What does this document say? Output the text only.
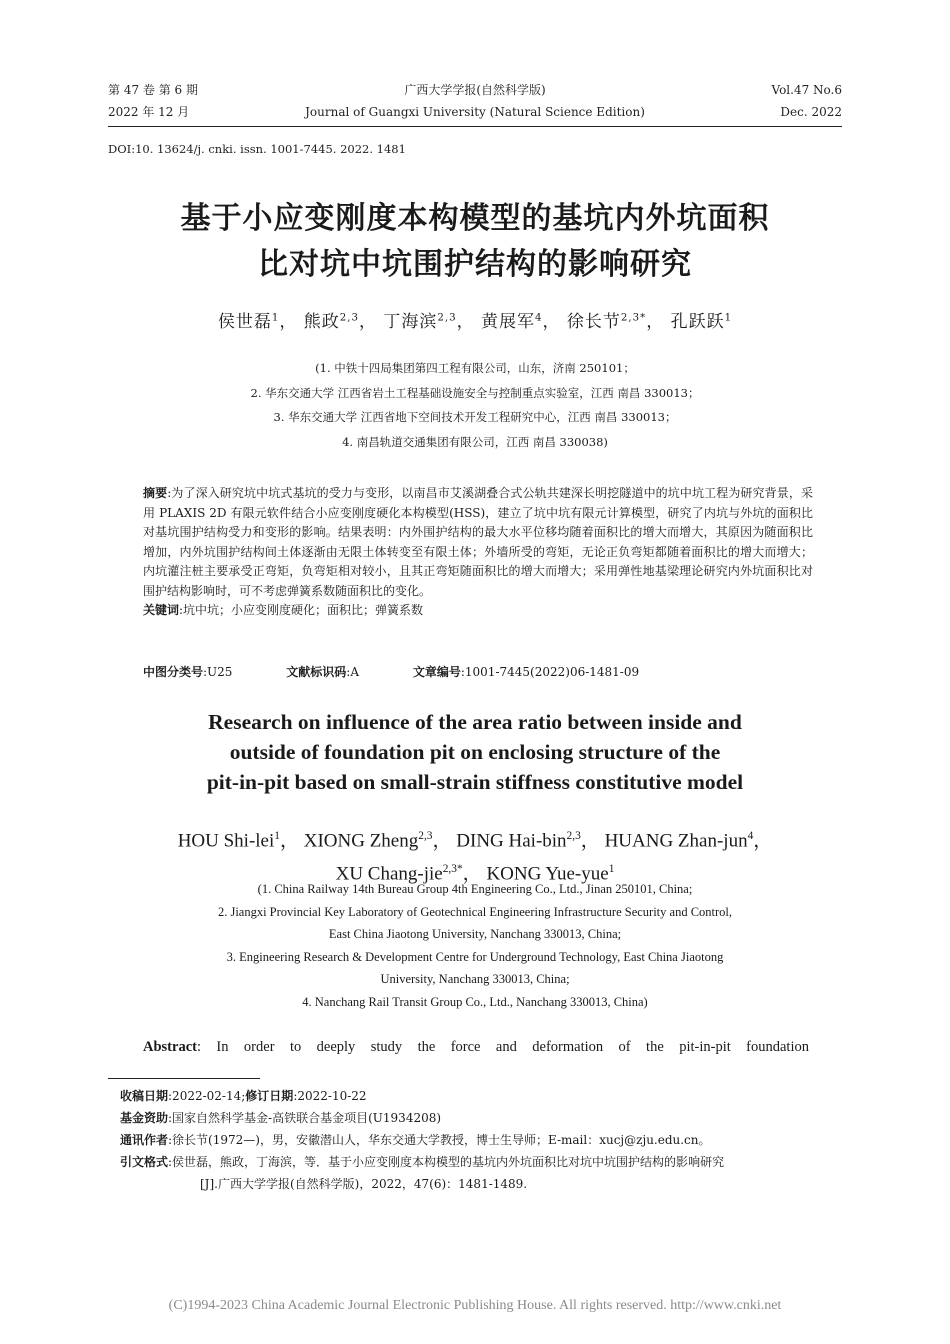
第 47 卷 第 6 期
2022 年 12 月
广西大学学报(自然科学版)
Journal of Guangxi University (Natural Science Edition)
Vol.47 No.6
Dec. 2022
DOI:10. 13624/j. cnki. issn. 1001-7445. 2022. 1481
基于小应变刚度本构模型的基坑内外坑面积
比对坑中坑围护结构的影响研究
侯世磊$^1$， 熊政$^{2,3}$， 丁海滨$^{2,3}$， 黄展军$^4$， 徐长节$^{2,3*}$， 孔跃跃$^1$
(1. 中铁十四局集团第四工程有限公司，山东，济南 250101；
2. 华东交通大学 江西省岩土工程基础设施安全与控制重点实验室，江西 南昌 330013；
3. 华东交通大学 江西省地下空间技术开发工程研究中心，江西 南昌 330013；
4. 南昌轨道交通集团有限公司，江西 南昌 330038)
摘要:为了深入研究坑中坑式基坑的受力与变形，以南昌市艾溪湖叠合式公轨共建深长明挖隧道中的坑中坑工程为研究背景，采用 PLAXIS 2D 有限元软件结合小应变刚度硬化本构模型(HSS)，建立了坑中坑有限元计算模型，研究了内坑与外坑的面积比对基坑围护结构受力和变形的影响。结果表明：内外围护结构的最大水平位移均随着面积比的增大而增大，其原因为随面积比增加，内外坑围护结构间土体逐渐由无限土体转变至有限土体；外墙所受的弯矩，无论正负弯矩都随着面积比的增大而增大；内坑灌注桩主要承受正弯矩，负弯矩相对较小，且其正弯矩随面积比的增大而增大；采用弹性地基梁理论研究内外坑面积比对围护结构影响时，可不考虑弹簧系数随面积比的变化。
关键词:坑中坑；小应变刚度硬化；面积比；弹簧系数
中图分类号:U25	文献标识码:A	文章编号:1001-7445(2022)06-1481-09
Research on influence of the area ratio between inside and
outside of foundation pit on enclosing structure of the
pit-in-pit based on small-strain stiffness constitutive model
HOU Shi-lei$^1$， XIONG Zheng$^{2,3}$， DING Hai-bin$^{2,3}$， HUANG Zhan-jun$^4$，
XU Chang-jie$^{2,3*}$， KONG Yue-yue$^1$
(1. China Railway 14th Bureau Group 4th Engineering Co., Ltd., Jinan 250101, China;
2. Jiangxi Provincial Key Laboratory of Geotechnical Engineering Infrastructure Security and Control,
East China Jiaotong University, Nanchang 330013, China;
3. Engineering Research & Development Centre for Underground Technology, East China Jiaotong
University, Nanchang 330013, China;
4. Nanchang Rail Transit Group Co., Ltd., Nanchang 330013, China)
Abstract: In order to deeply study the force and deformation of the pit-in-pit foundation
收稿日期:2022-02-14;修订日期:2022-10-22
基金资助:国家自然科学基金-高铁联合基金项目(U1934208)
通讯作者:徐长节(1972—)，男，安徽潜山人，华东交通大学教授，博士生导师；E-mail：xucj@zju.edu.cn。
引文格式:侯世磊，熊政，丁海滨，等．基于小应变刚度本构模型的基坑内外坑面积比对坑中坑围护结构的影响研究
[J].广西大学学报(自然科学版)，2022，47(6)：1481-1489.
(C)1994-2023 China Academic Journal Electronic Publishing House. All rights reserved. http://www.cnki.net
